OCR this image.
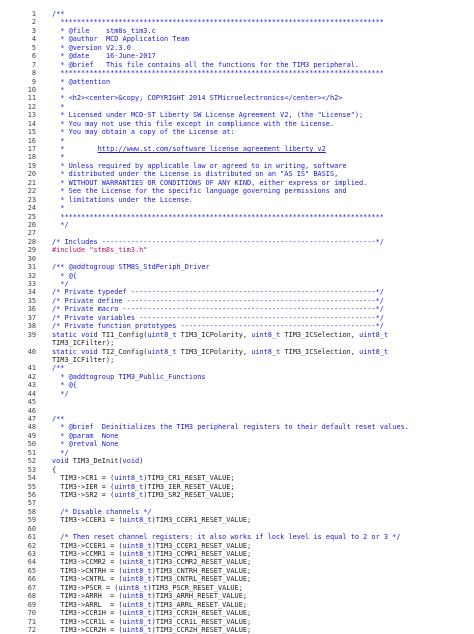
1 /**
2 ******************************************************************************
3 * @file    stm8s_tim3.c
4 * @author  MCD Application Team
5 * @version V2.3.0
6 * @date    16-June-2017
7 * @brief   This file contains all the functions for the TIM3 peripheral.
8 ******************************************************************************
9 * @attention
10 *
11 * <h2><center>&copy; COPYRIGHT 2014 STMicroelectronics</center></h2>
12 *
13 * Licensed under MCD-ST Liberty SW License Agreement V2, (the "License");
14 * You may not use this file except in compliance with the License.
15 * You may obtain a copy of the License at:
16 *
17 *        http://www.st.com/software_license_agreement_liberty_v2
18 *
19 * Unless required by applicable law or agreed to in writing, software
20 * distributed under the License is distributed on an "AS IS" BASIS,
21 * WITHOUT WARRANTIES OR CONDITIONS OF ANY KIND, either express or implied.
22 * See the License for the specific language governing permissions and
23 * limitations under the License.
24 *
25 ******************************************************************************
26 */
27
28 /* Includes ------------------------------------------------------------------*/
29 #include "stm8s_tim3.h"
30
31 /** @addtogroup STM8S_StdPeriph_Driver
32 * @{
33 */
34 /* Private typedef -----------------------------------------------------------*/
35 /* Private define ------------------------------------------------------------*/
36 /* Private macro -------------------------------------------------------------*/
37 /* Private variables ---------------------------------------------------------*/
38 /* Private function prototypes -----------------------------------------------*/
39 static void TI1_Config(uint8_t TIM3_ICPolarity, uint8_t TIM3_ICSelection, uint8_t
TIM3_ICFilter);
40 static void TI2_Config(uint8_t TIM3_ICPolarity, uint8_t TIM3_ICSelection, uint8_t
TIM3_ICFilter);
41 /**
42 * @addtogroup TIM3_Public_Functions
43 * @{
44 */
45
46
47 /**
48 * @brief  Deinitializes the TIM3 peripheral registers to their default reset values.
49 * @param  None
50 * @retval None
51 */
52 void TIM3_DeInit(void)
53 {
54 TIM3->CR1 = (uint8_t)TIM3_CR1_RESET_VALUE;
55 TIM3->IER = (uint8_t)TIM3_IER_RESET_VALUE;
56 TIM3->SR2 = (uint8_t)TIM3_SR2_RESET_VALUE;
57
58 /* Disable channels */
59 TIM3->CCER1 = (uint8_t)TIM3_CCER1_RESET_VALUE;
60
61 /* Then reset channel registers: it also works if lock level is equal to 2 or 3 */
62 TIM3->CCER1 = (uint8_t)TIM3_CCER1_RESET_VALUE;
63 TIM3->CCMR1 = (uint8_t)TIM3_CCMR1_RESET_VALUE;
64 TIM3->CCMR2 = (uint8_t)TIM3_CCMR2_RESET_VALUE;
65 TIM3->CNTRH = (uint8_t)TIM3_CNTRH_RESET_VALUE;
66 TIM3->CNTRL = (uint8_t)TIM3_CNTRL_RESET_VALUE;
67 TIM3->PSCR = (uint8_t)TIM3_PSCR_RESET_VALUE;
68 TIM3->ARRH  = (uint8_t)TIM3_ARRH_RESET_VALUE;
69 TIM3->ARRL  = (uint8_t)TIM3_ARRL_RESET_VALUE;
70 TIM3->CCR1H = (uint8_t)TIM3_CCR1H_RESET_VALUE;
71 TIM3->CCR1L = (uint8_t)TIM3_CCR1L_RESET_VALUE;
72 TIM3->CCR2H = (uint8_t)TIM3_CCR2H_RESET_VALUE;
